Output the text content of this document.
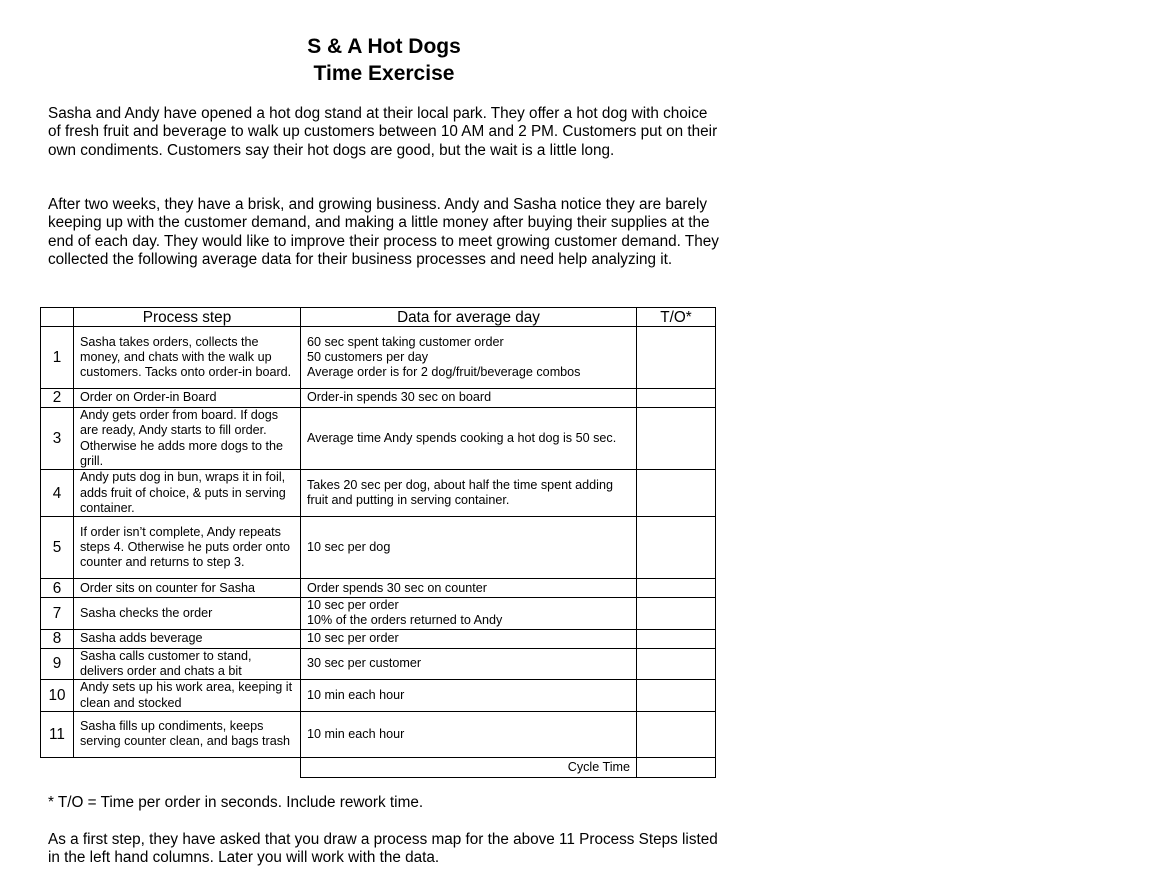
S & A Hot Dogs
Time Exercise

Sasha and Andy have opened a hot dog stand at their local park. They offer a hot dog with choice of fresh fruit and beverage to walk up customers between 10 AM and 2 PM. Customers put on their own condiments. Customers say their hot dogs are good, but the wait is a little long.

After two weeks, they have a brisk, and growing business. Andy and Sasha notice they are barely keeping up with the customer demand, and making a little money after buying their supplies at the end of each day. They would like to improve their process to meet growing customer demand. They collected the following average data for their business processes and need help analyzing it.

	Process step	Data for average day	T/O*
1	Sasha takes orders, collects the money, and chats with the walk up customers. Tacks onto order-in board.	60 sec spent taking customer order
50 customers per day
Average order is for 2 dog/fruit/beverage combos	

2	Order on Order-in Board	Order-in spends 30 sec on board	

3	Andy gets order from board. If dogs are ready, Andy starts to fill order. Otherwise he adds more dogs to the grill.	Average time Andy spends cooking a hot dog is 50 sec.	

4	Andy puts dog in bun, wraps it in foil, adds fruit of choice, & puts in serving container.	Takes 20 sec per dog, about half the time spent adding fruit and putting in serving container.	

5	If order isn’t complete, Andy repeats steps 4. Otherwise he puts order onto counter and returns to step 3.	10 sec per dog	

6	Order sits on counter for Sasha	Order spends 30 sec on counter	

7	Sasha checks the order	10 sec per order
10% of the orders returned to Andy	

8	Sasha adds beverage	10 sec per order	

9	Sasha calls customer to stand, delivers order and chats a bit	30 sec per customer	

10	Andy sets up his work area, keeping it clean and stocked	10 min each hour	

11	Sasha fills up condiments, keeps serving counter clean, and bags trash	10 min each hour	

		Cycle Time	

* T/O = Time per order in seconds. Include rework time.

As a first step, they have asked that you draw a process map for the above 11 Process Steps listed in the left hand columns. Later you will work with the data.
